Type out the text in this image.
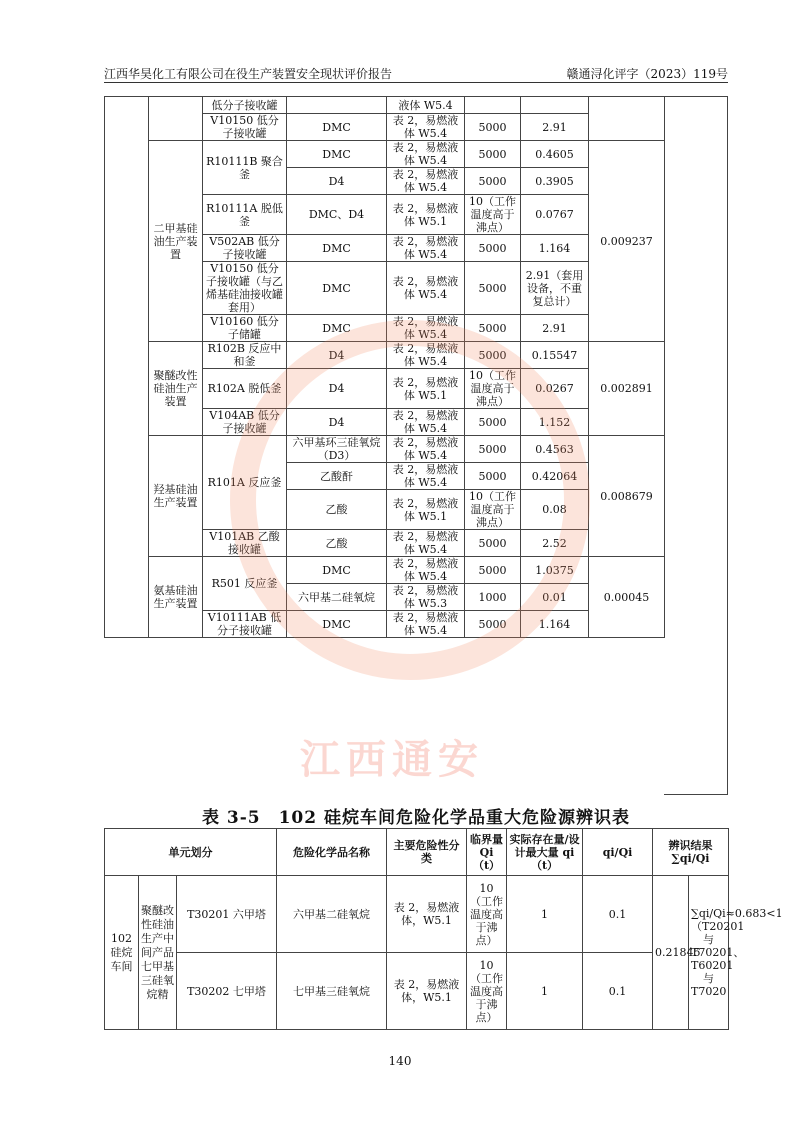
江西华昊化工有限公司在役生产装置安全现状评价报告	赣通浔化评字（2023）119号
		低分子接收罐		液体 W5.4			
		V10150 低分子接收罐	DMC	表 2，易燃液体 W5.4	5000	2.91	
	二甲基硅油生产装置	R10111B 聚合釜	DMC	表 2，易燃液体 W5.4	5000	0.4605	0.009237
			D4	表 2，易燃液体 W5.4	5000	0.3905	
		R10111A 脱低釜	DMC、D4	表 2，易燃液体 W5.1	10（工作温度高于沸点）	0.0767	
		V502AB 低分子接收罐	DMC	表 2，易燃液体 W5.4	5000	1.164	
		V10150 低分子接收罐（与乙烯基硅油接收罐套用）	DMC	表 2，易燃液体 W5.4	5000	2.91（套用设备，不重复总计）	
		V10160 低分子储罐	DMC	表 2，易燃液体 W5.4	5000	2.91	
	聚醚改性硅油生产装置	R102B 反应中和釜	D4	表 2，易燃液体 W5.4	5000	0.15547	0.002891
		R102A 脱低釜	D4	表 2，易燃液体 W5.1	10（工作温度高于沸点）	0.0267	
		V104AB 低分子接收罐	D4	表 2，易燃液体 W5.4	5000	1.152	
	羟基硅油生产装置	R101A 反应釜	六甲基环三硅氧烷（D3）	表 2，易燃液体 W5.4	5000	0.4563	0.008679
			乙酸酐	表 2，易燃液体 W5.4	5000	0.42064	
			乙酸	表 2，易燃液体 W5.1	10（工作温度高于沸点）	0.08	
		V101AB 乙酸接收罐	乙酸	表 2，易燃液体 W5.4	5000	2.52	
	氨基硅油生产装置	R501 反应釜	DMC	表 2，易燃液体 W5.4	5000	1.0375	0.00045
			六甲基二硅氧烷	表 2，易燃液体 W5.3	1000	0.01	
		V10111AB 低分子接收罐	DMC	表 2，易燃液体 W5.4	5000	1.164	
表 3-5　102 硅烷车间危险化学品重大危险源辨识表
单元划分			危险化学品名称	主要危险性分类	临界量 Qi（t）	实际存在量/设计最大量 qi（t）	qi/Qi	辨识结果 ∑qi/Qi	
102硅烷车间	聚醚改性硅油生产中间产品七甲基三硅氧烷精	T30201 六甲塔	六甲基二硅氧烷	表 2，易燃液体，W5.1	10（工作温度高于沸点）	1	0.1	0.21845	∑qi/Qi≈0.683<1（T20201与T70201、T60201与T7020
		T30202 七甲塔	七甲基三硅氧烷	表 2，易燃液体，W5.1	10（工作温度高于沸点）	1	0.1		
江西通安
140
